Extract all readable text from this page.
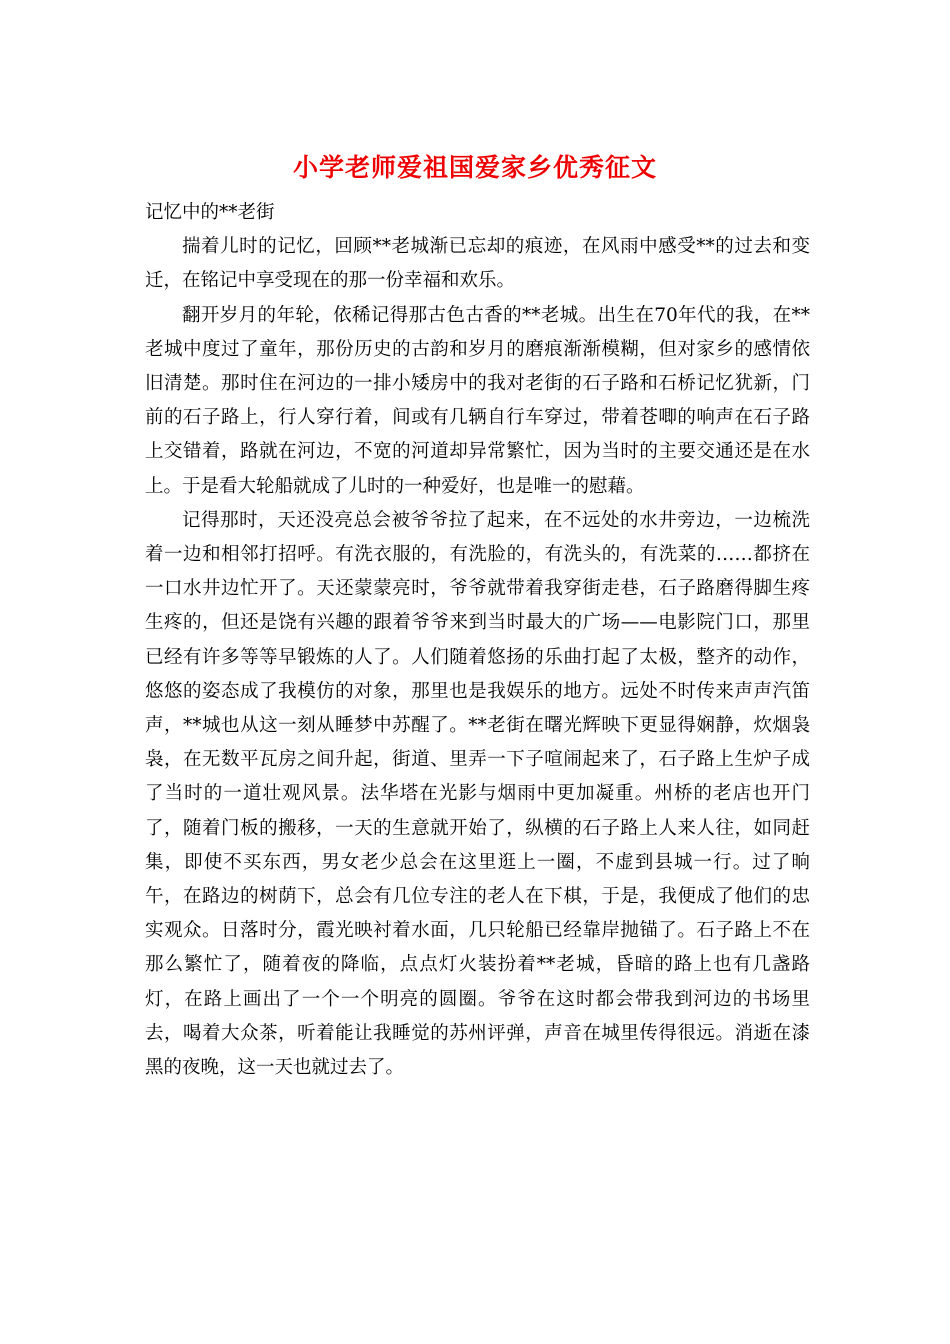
小学老师爱祖国爱家乡优秀征文

记忆中的**老街

揣着儿时的记忆，回顾**老城渐已忘却的痕迹，在风雨中感受**的过去和变迁，在铭记中享受现在的那一份幸福和欢乐。

翻开岁月的年轮，依稀记得那古色古香的**老城。出生在70年代的我，在**老城中度过了童年，那份历史的古韵和岁月的磨痕渐渐模糊，但对家乡的感情依旧清楚。那时住在河边的一排小矮房中的我对老街的石子路和石桥记忆犹新，门前的石子路上，行人穿行着，间或有几辆自行车穿过，带着苍唧的响声在石子路上交错着，路就在河边，不宽的河道却异常繁忙，因为当时的主要交通还是在水上。于是看大轮船就成了儿时的一种爱好，也是唯一的慰藉。

记得那时，天还没亮总会被爷爷拉了起来，在不远处的水井旁边，一边梳洗着一边和相邻打招呼。有洗衣服的，有洗脸的，有洗头的，有洗菜的……都挤在一口水井边忙开了。天还蒙蒙亮时，爷爷就带着我穿街走巷，石子路磨得脚生疼生疼的，但还是饶有兴趣的跟着爷爷来到当时最大的广场——电影院门口，那里已经有许多等等早锻炼的人了。人们随着悠扬的乐曲打起了太极，整齐的动作，悠悠的姿态成了我模仿的对象，那里也是我娱乐的地方。远处不时传来声声汽笛声，**城也从这一刻从睡梦中苏醒了。**老街在曙光辉映下更显得娴静，炊烟袅袅，在无数平瓦房之间升起，街道、里弄一下子喧闹起来了，石子路上生炉子成了当时的一道壮观风景。法华塔在光影与烟雨中更加凝重。州桥的老店也开门了，随着门板的搬移，一天的生意就开始了，纵横的石子路上人来人往，如同赶集，即使不买东西，男女老少总会在这里逛上一圈，不虚到县城一行。过了晌午，在路边的树荫下，总会有几位专注的老人在下棋，于是，我便成了他们的忠实观众。日落时分，霞光映衬着水面，几只轮船已经靠岸抛锚了。石子路上不在那么繁忙了，随着夜的降临，点点灯火装扮着**老城，昏暗的路上也有几盏路灯，在路上画出了一个一个明亮的圆圈。爷爷在这时都会带我到河边的书场里去，喝着大众茶，听着能让我睡觉的苏州评弹，声音在城里传得很远。消逝在漆黑的夜晚，这一天也就过去了。
